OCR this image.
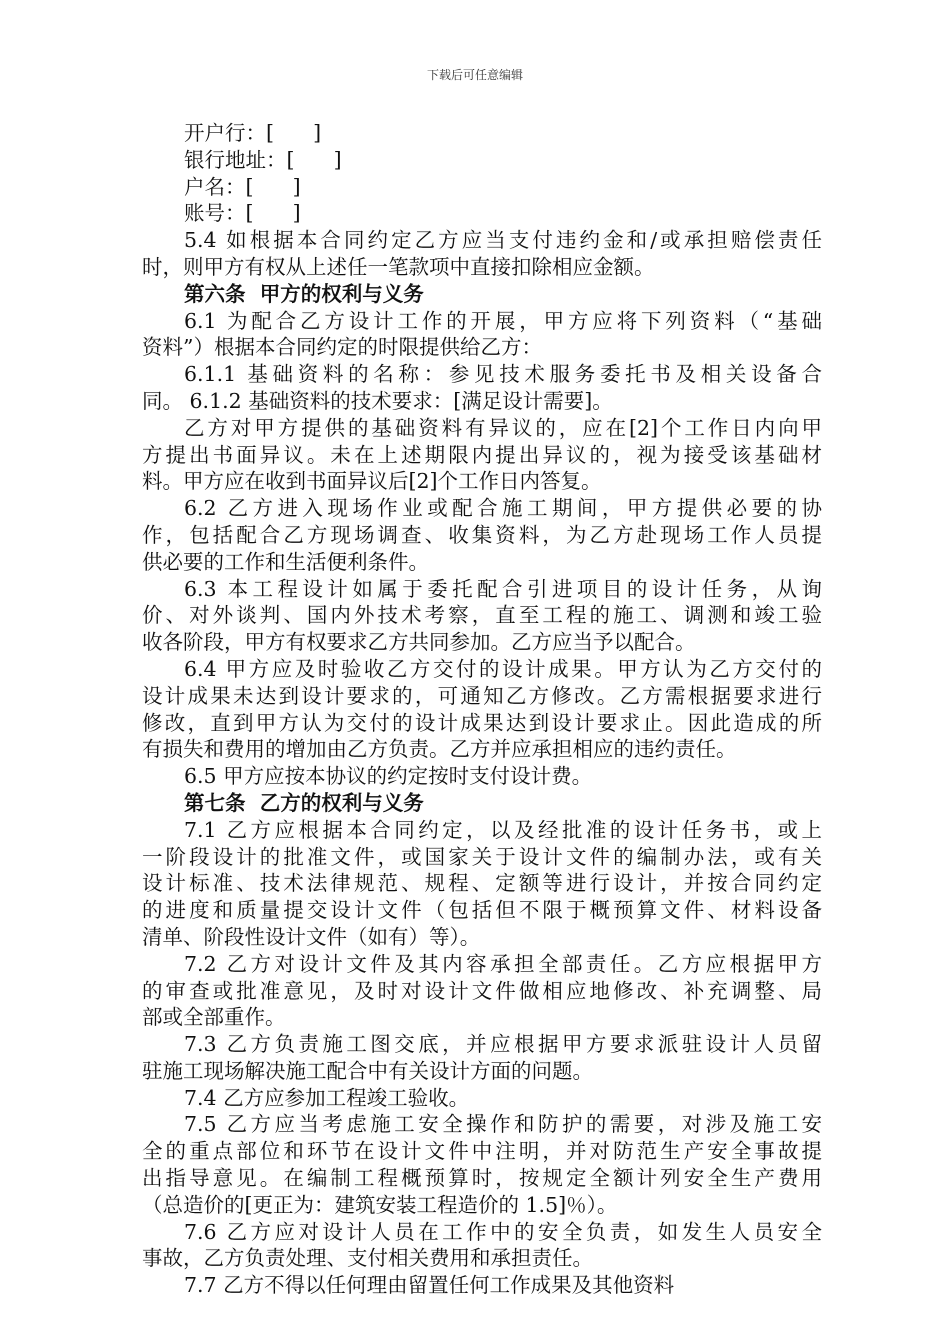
下载后可任意编辑
开户行：[      ]
银行地址：[      ]
户名：[      ]
账号：[      ]
5.4 如根据本合同约定乙方应当支付违约金和/或承担赔偿责任
时，则甲方有权从上述任一笔款项中直接扣除相应金额。
第六条  甲方的权利与义务
6.1 为配合乙方设计工作的开展，甲方应将下列资料（“基础
资料”）根据本合同约定的时限提供给乙方：
6.1.1 基础资料的名称：参见技术服务委托书及相关设备合
同。 6.1.2 基础资料的技术要求：[满足设计需要]。
乙方对甲方提供的基础资料有异议的，应在[2]个工作日内向甲
方提出书面异议。未在上述期限内提出异议的，视为接受该基础材
料。甲方应在收到书面异议后[2]个工作日内答复。
6.2 乙方进入现场作业或配合施工期间，甲方提供必要的协
作，包括配合乙方现场调查、收集资料，为乙方赴现场工作人员提
供必要的工作和生活便利条件。
6.3 本工程设计如属于委托配合引进项目的设计任务，从询
价、对外谈判、国内外技术考察，直至工程的施工、调测和竣工验
收各阶段，甲方有权要求乙方共同参加。乙方应当予以配合。
6.4 甲方应及时验收乙方交付的设计成果。甲方认为乙方交付的
设计成果未达到设计要求的，可通知乙方修改。乙方需根据要求进行
修改，直到甲方认为交付的设计成果达到设计要求止。因此造成的所
有损失和费用的增加由乙方负责。乙方并应承担相应的违约责任。
6.5 甲方应按本协议的约定按时支付设计费。
第七条  乙方的权利与义务
7.1 乙方应根据本合同约定，以及经批准的设计任务书，或上
一阶段设计的批准文件，或国家关于设计文件的编制办法，或有关
设计标准、技术法律规范、规程、定额等进行设计，并按合同约定
的进度和质量提交设计文件（包括但不限于概预算文件、材料设备
清单、阶段性设计文件（如有）等）。
7.2 乙方对设计文件及其内容承担全部责任。乙方应根据甲方
的审查或批准意见，及时对设计文件做相应地修改、补充调整、局
部或全部重作。
7.3 乙方负责施工图交底，并应根据甲方要求派驻设计人员留
驻施工现场解决施工配合中有关设计方面的问题。
7.4 乙方应参加工程竣工验收。
7.5 乙方应当考虑施工安全操作和防护的需要，对涉及施工安
全的重点部位和环节在设计文件中注明，并对防范生产安全事故提
出指导意见。在编制工程概预算时，按规定全额计列安全生产费用
（总造价的[更正为：建筑安装工程造价的 1.5]％）。
7.6 乙方应对设计人员在工作中的安全负责，如发生人员安全
事故，乙方负责处理、支付相关费用和承担责任。
7.7 乙方不得以任何理由留置任何工作成果及其他资料
